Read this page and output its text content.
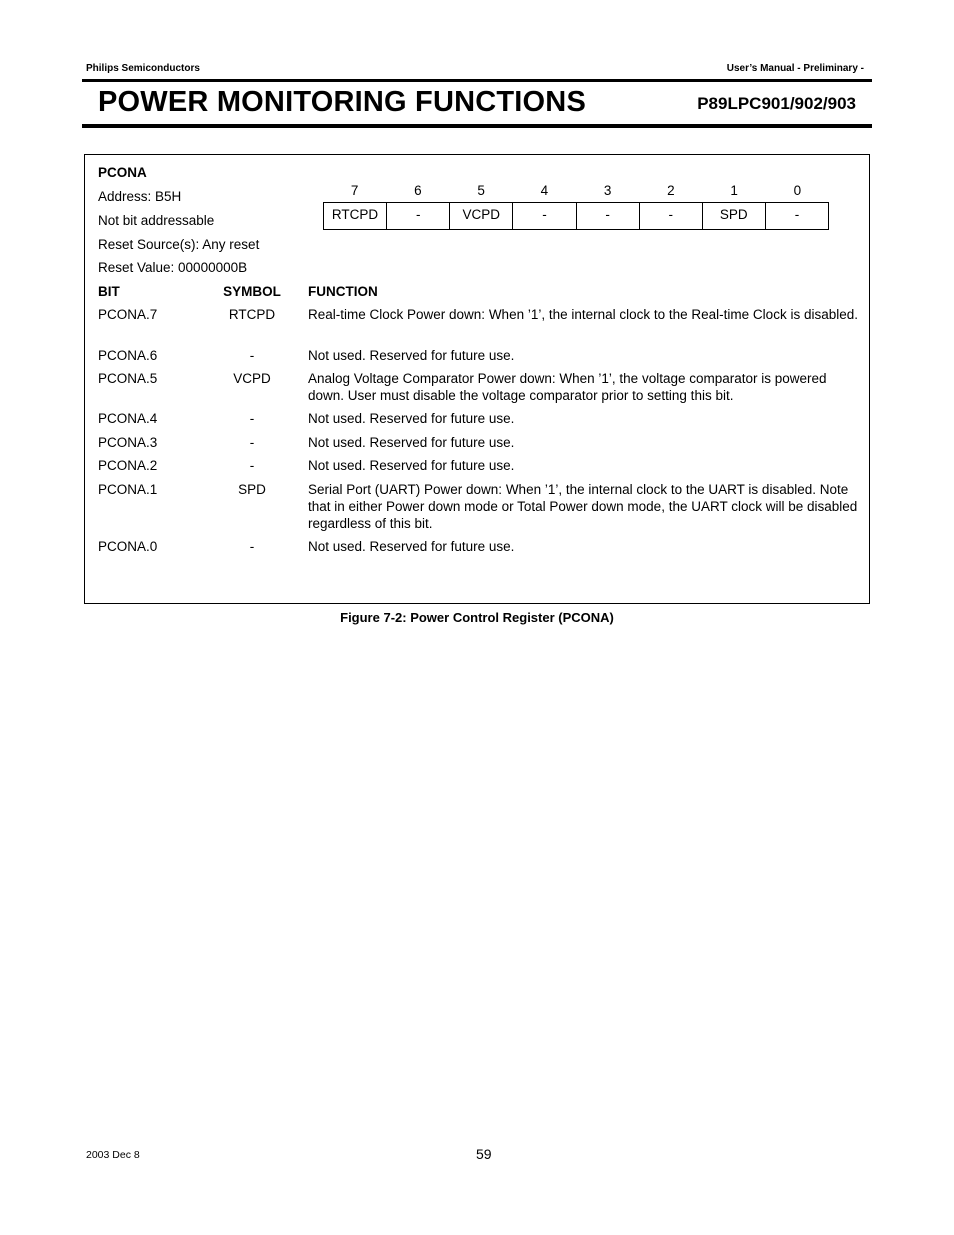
Philips Semiconductors	User’s Manual - Preliminary -
POWER MONITORING FUNCTIONS	P89LPC901/902/903
PCONA
Address: B5H
Not bit addressable
Reset Source(s): Any reset
Reset Value: 00000000B
7	6	5	4	3	2	1	0
RTCPD	-	VCPD	-	-	-	SPD	-
BIT	SYMBOL	FUNCTION
PCONA.7	RTCPD	Real-time Clock Power down: When ’1’, the internal clock to the Real-time Clock is disabled.
PCONA.6	-	Not used. Reserved for future use.
PCONA.5	VCPD	Analog Voltage Comparator Power down: When ’1’, the voltage comparator is powered down. User must disable the voltage comparator prior to setting this bit.
PCONA.4	-	Not used. Reserved for future use.
PCONA.3	-	Not used. Reserved for future use.
PCONA.2	-	Not used. Reserved for future use.
PCONA.1	SPD	Serial Port (UART) Power down: When ’1’, the internal clock to the UART is disabled. Note that in either Power down mode or Total Power down mode, the UART clock will be disabled regardless of this bit.
PCONA.0	-	Not used. Reserved for future use.
Figure 7-2: Power Control Register (PCONA)
2003 Dec 8	59
